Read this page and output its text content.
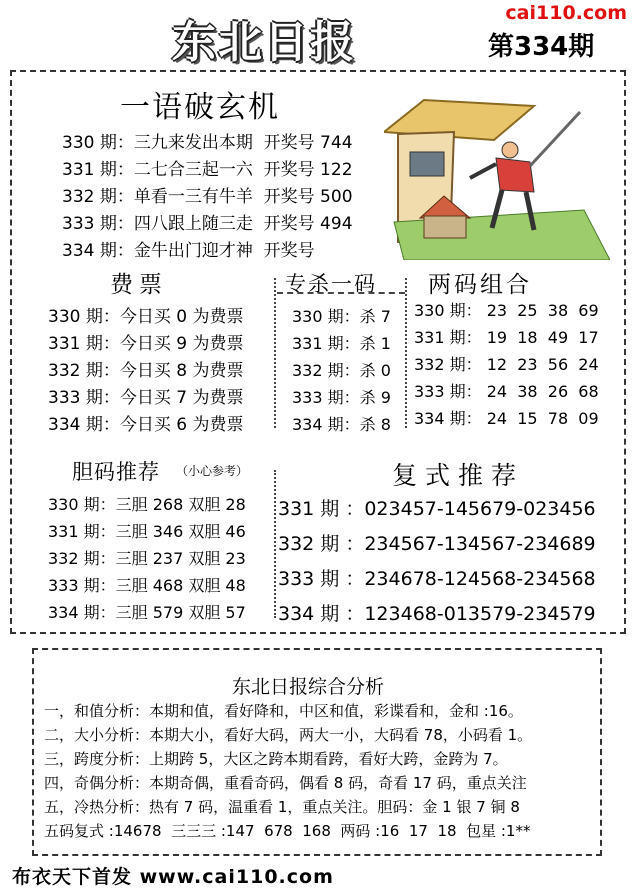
东北日报
cai110.com
第334期
一语破玄机
330 期：三九来发出本期  开奖号 744
331 期：二七合三起一六  开奖号 122
332 期：单看一三有牛羊  开奖号 500
333 期：四八跟上随三走  开奖号 494
334 期：金牛出门迎才神  开奖号
费票	专杀一码 两码组合
330 期：今日买 0 为费票
331 期：今日买 9 为费票
332 期：今日买 8 为费票
333 期：今日买 7 为费票
334 期：今日买 6 为费票
330 期：杀 7
331 期：杀 1
332 期：杀 0
333 期：杀 9
334 期：杀 8
330 期： 23  25  38  69
331 期： 19  18  49  17
332 期： 12  23  56  24
333 期： 24  38  26  68
334 期： 24  15  78  09
胆码推荐 （小心参考）
330 期：三胆 268 双胆 28
331 期：三胆 346 双胆 46
332 期：三胆 237 双胆 23
333 期：三胆 468 双胆 48
334 期：三胆 579 双胆 57
复式推荐
331 期 ：023457-145679-023456
332 期 ：234567-134567-234689
333 期 ：234678-124568-234568
334 期 ：123468-013579-234579
东北日报综合分析
一，和值分析：本期和值，看好降和，中区和值，彩谍看和，金和 :16。
二，大小分析：本期大小，看好大码，两大一小，大码看 78，小码看 1。
三，跨度分析：上期跨 5，大区之跨本期看跨，看好大跨，金跨为 7。
四，奇偶分析：本期奇偶，重看奇码，偶看 8 码，奇看 17 码，重点关注
五，冷热分析：热有 7 码，温重看 1，重点关注。胆码：金 1 银 7 铜 8
五码复式 :14678  三三三 :147  678  168  两码 :16  17  18  包星 :1**
布衣天下首发 www.cai110.com
